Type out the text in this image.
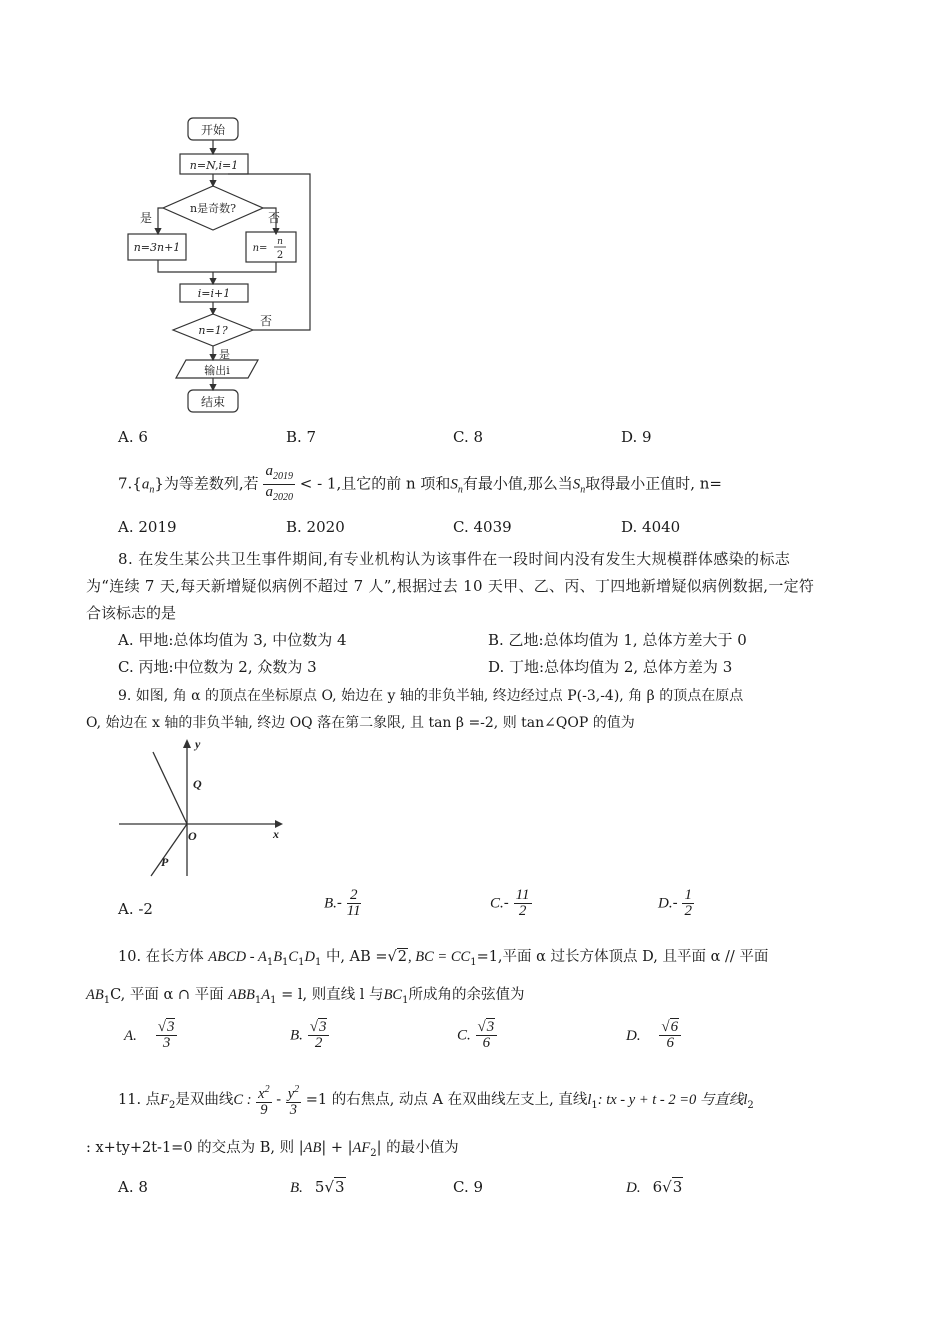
开始
n=N,i=1
n是奇数?
是	否
n=3n+1	n=
n
2
i=i+1
n=1?
否
是
输出i
结束
A. 6	B. 7	C. 8	D. 9
$7.\{a_n\}$为等差数列,若 $\frac{a_{2019}}{a_{2020}}$ < - 1,且它的前 n 项和$S_n$有最小值,那么当$S_n$取得最小正值时, n=
A. 2019	B. 2020	C. 4039	D. 4040
8. 在发生某公共卫生事件期间,有专业机构认为该事件在一段时间内没有发生大规模群体感染的标志
为“连续 7 天,每天新增疑似病例不超过 7 人”,根据过去 10 天甲、乙、丙、丁四地新增疑似病例数据,一定符
合该标志的是
A. 甲地:总体均值为 3, 中位数为 4	B. 乙地:总体均值为 1, 总体方差大于 0
C. 丙地:中位数为 2, 众数为 3	D. 丁地:总体均值为 2, 总体方差为 3
9. 如图, 角 α 的顶点在坐标原点 O, 始边在 y 轴的非负半轴, 终边经过点 P(-3,-4), 角 β 的顶点在原点
O, 始边在 x 轴的非负半轴, 终边 OQ 落在第二象限, 且 tan β =-2, 则 tan∠QOP 的值为
y
x
Q
O
P
A. -2	$B.- \frac{2}{11}$	$C.- \frac{11}{2}$	$D.- \frac{1}{2}$
10. 在长方体 ABCD - $A_1B_1C_1D_1$ 中, AB =√2, BC = $CC_1=1$,平面 α 过长方体顶点 D, 且平面 α // 平面
$AB_1C$, 平面 α ∩ 平面 $ABB_1A_1 = l$, 则直线 l 与$BC_1$所成角的余弦值为
A. $\frac{√3}{3}$	B. $\frac{√3}{2}$	C. $\frac{√3}{6}$	D. $\frac{√6}{6}$
11. 点$F_2$是双曲线C : $\frac{x^2}{9} - \frac{y^2}{3} =1$ 的右焦点, 动点 A 在双曲线左支上, 直线$l_1$: tx - y + t - 2 =0 与直线$l_2$
: x+ty+2t-1=0 的交点为 B, 则 $|AB| + |AF_2|$ 的最小值为
A. 8	B. 5√3	C. 9	D. 6√3
